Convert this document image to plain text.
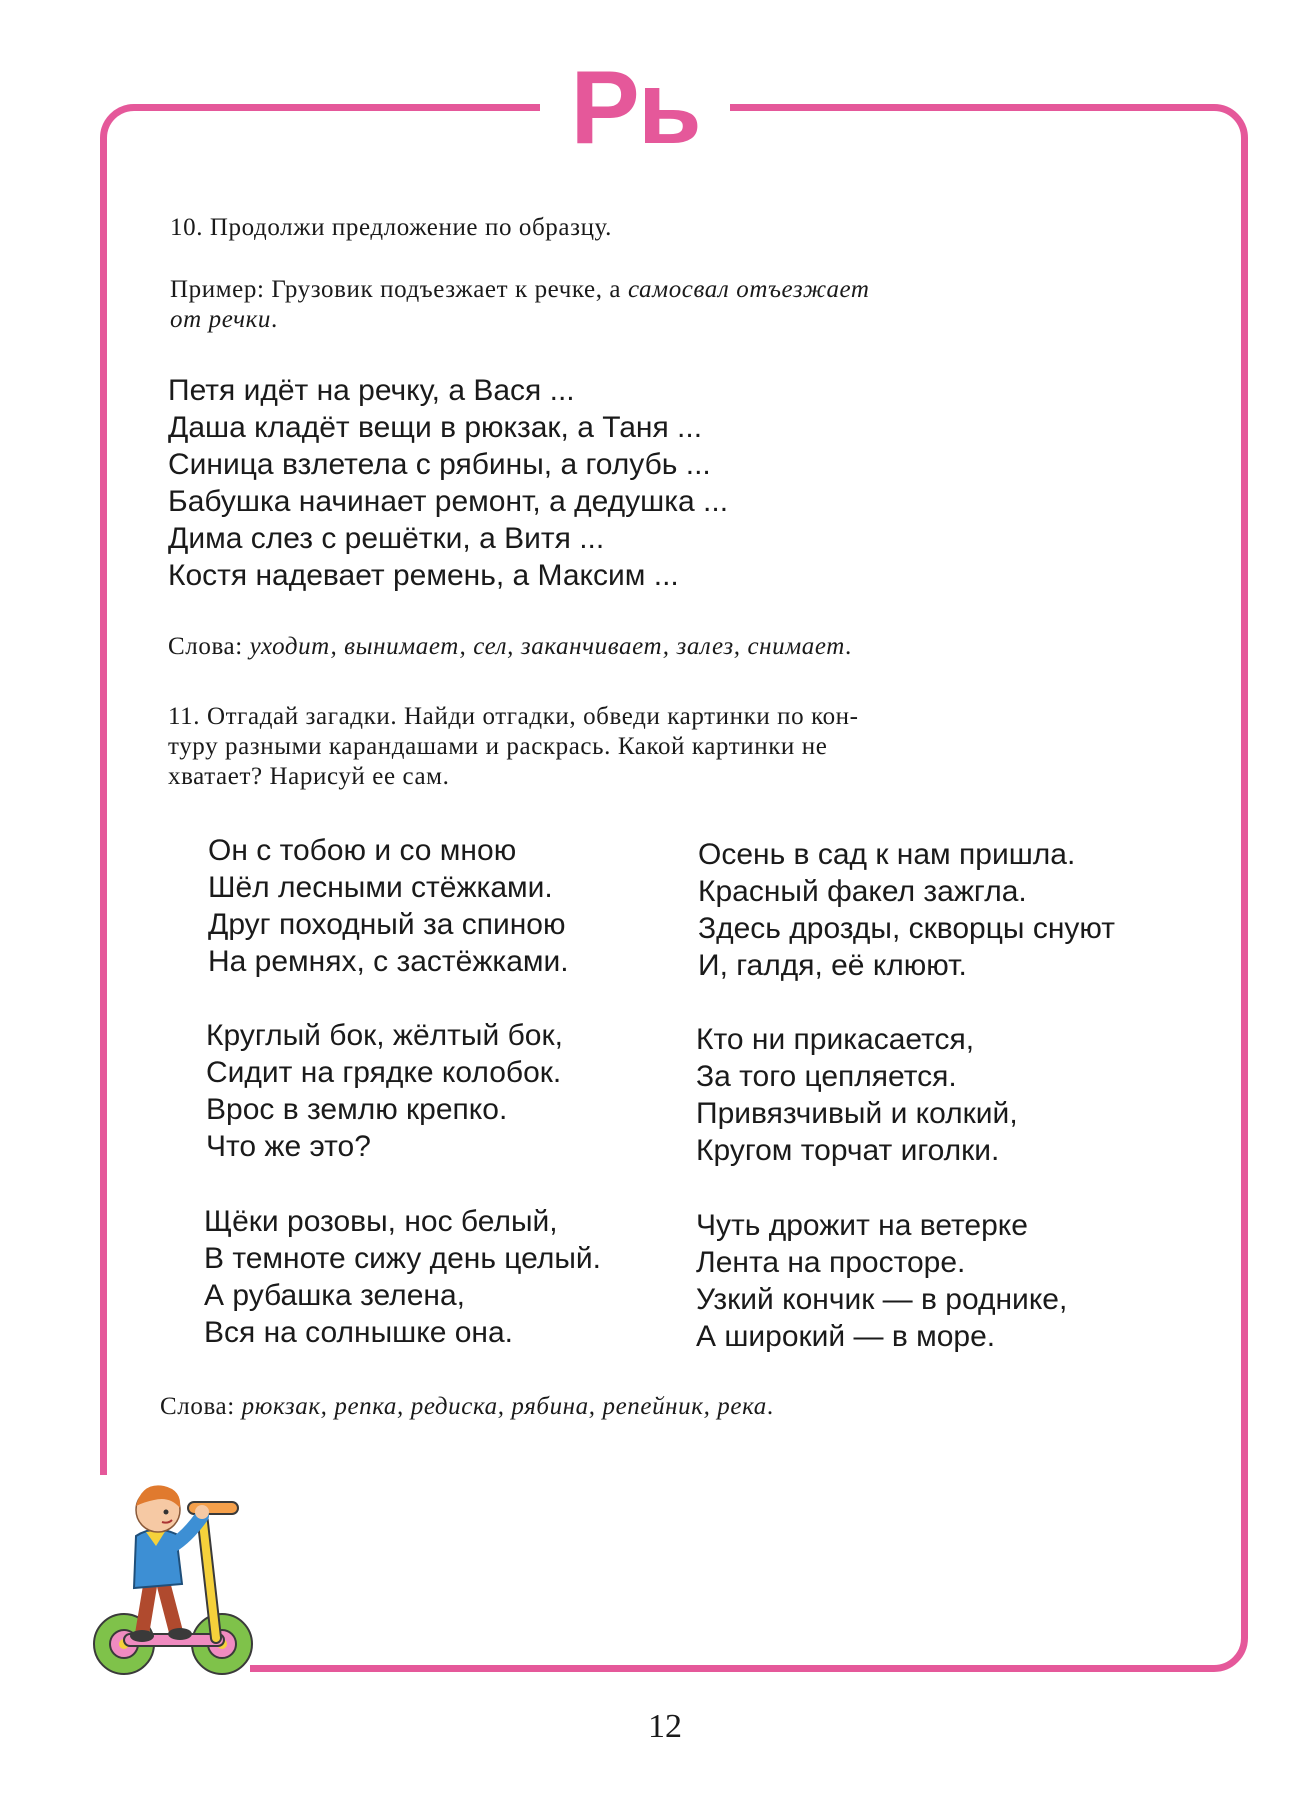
Рь
10. Продолжи предложение по образцу.
Пример: Грузовик подъезжает к речке, а самосвал отъезжает
от речки.
Петя идёт на речку, а Вася ...
Даша кладёт вещи в рюкзак, а Таня ...
Синица взлетела с рябины, а голубь ...
Бабушка начинает ремонт, а дедушка ...
Дима слез с решётки, а Витя ...
Костя надевает ремень, а Максим ...
Слова: уходит, вынимает, сел, заканчивает, залез, снимает.
11. Отгадай загадки. Найди отгадки, обведи картинки по кон-
туру разными карандашами и раскрась. Какой картинки не
хватает? Нарисуй ее сам.
Он с тобою и со мною
Шёл лесными стёжками.
Друг походный за спиною
На ремнях, с застёжками.
Круглый бок, жёлтый бок,
Сидит на грядке колобок.
Врос в землю крепко.
Что же это?
Щёки розовы, нос белый,
В темноте сижу день целый.
А рубашка зелена,
Вся на солнышке она.
Осень в сад к нам пришла.
Красный факел зажгла.
Здесь дрозды, скворцы снуют
И, галдя, её клюют.
Кто ни прикасается,
За того цепляется.
Привязчивый и колкий,
Кругом торчат иголки.
Чуть дрожит на ветерке
Лента на просторе.
Узкий кончик — в роднике,
А широкий — в море.
Слова: рюкзак, репка, редиска, рябина, репейник, река.
12
